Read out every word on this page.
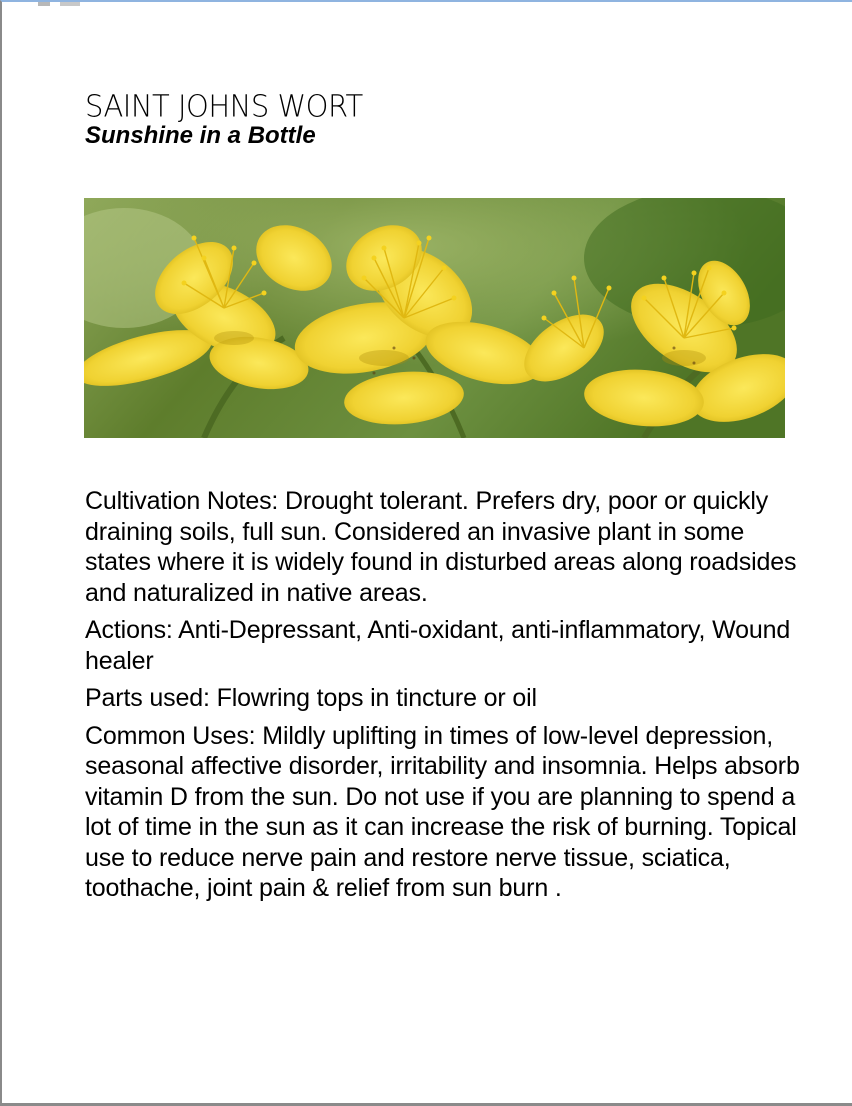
SAINT JOHNS WORT
Sunshine in a Bottle

Cultivation Notes: Drought tolerant. Prefers dry, poor or quickly draining soils, full sun. Considered an invasive plant in some states where it is widely found in disturbed areas along roadsides and naturalized in native areas.

Actions: Anti-Depressant, Anti-oxidant, anti-inflammatory, Wound healer

Parts used: Flowring tops in tincture or oil

Common Uses: Mildly uplifting in times of low-level depression, seasonal affective disorder, irritability and insomnia. Helps absorb vitamin D from the sun. Do not use if you are planning to spend a lot of time in the sun as it can increase the risk of burning. Topical use to reduce nerve pain and restore nerve tissue, sciatica, toothache, joint pain & relief from sun burn .
